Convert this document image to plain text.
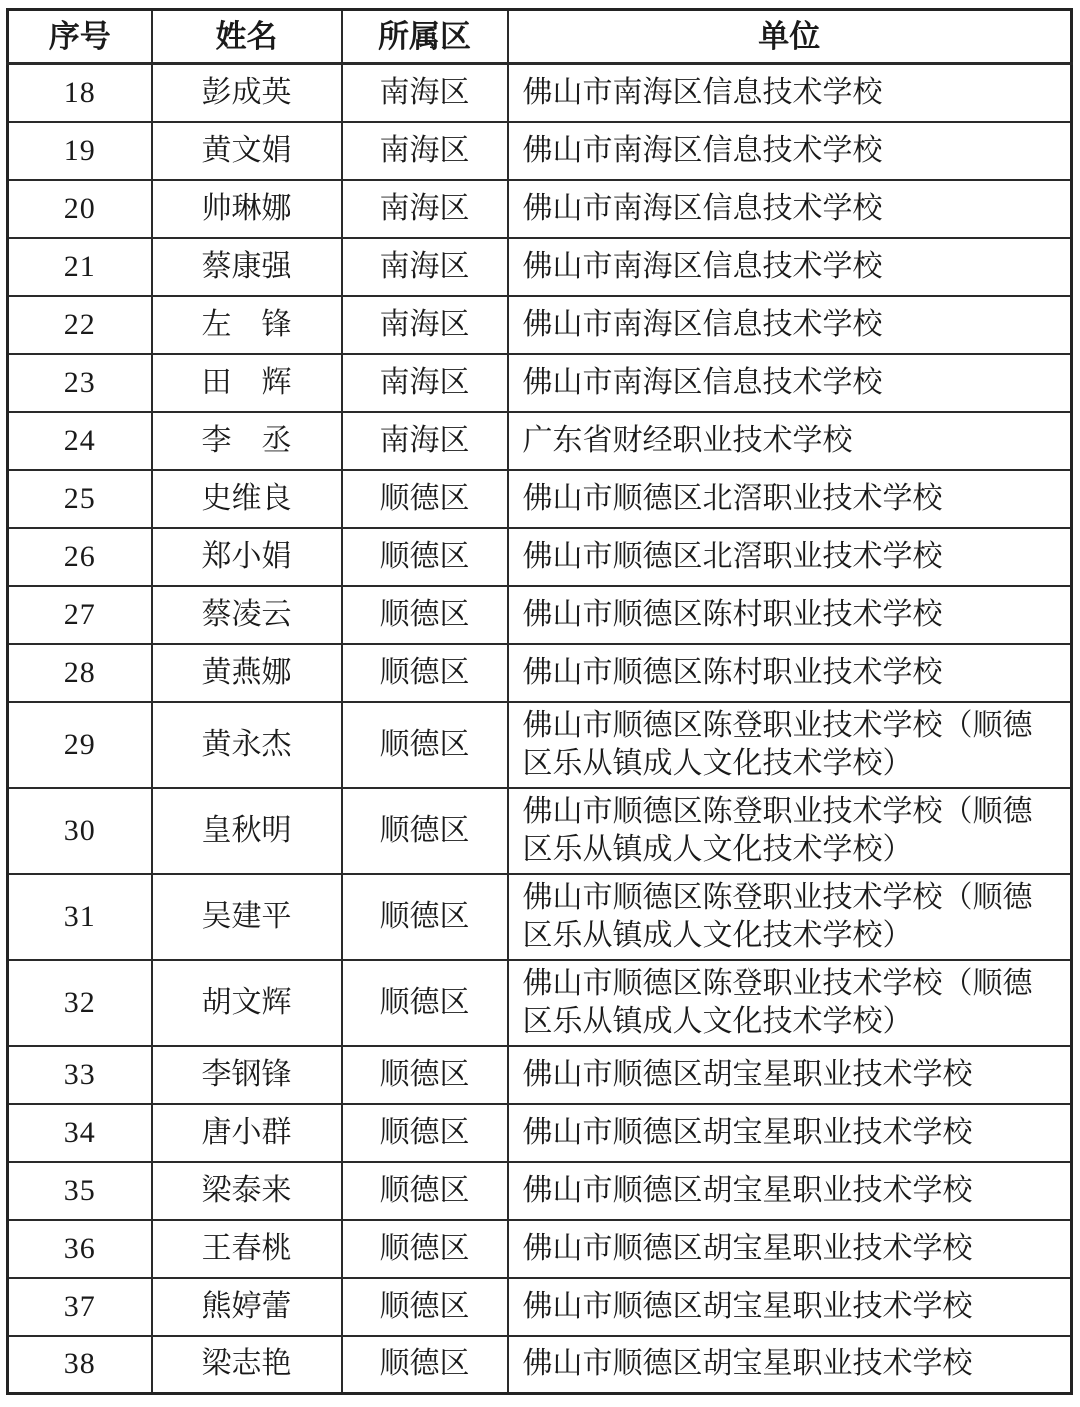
序号	姓名	所属区	单位
18	彭成英	南海区	佛山市南海区信息技术学校
19	黄文娟	南海区	佛山市南海区信息技术学校
20	帅琳娜	南海区	佛山市南海区信息技术学校
21	蔡康强	南海区	佛山市南海区信息技术学校
22	左　锋	南海区	佛山市南海区信息技术学校
23	田　辉	南海区	佛山市南海区信息技术学校
24	李　丞	南海区	广东省财经职业技术学校
25	史维良	顺德区	佛山市顺德区北滘职业技术学校
26	郑小娟	顺德区	佛山市顺德区北滘职业技术学校
27	蔡凌云	顺德区	佛山市顺德区陈村职业技术学校
28	黄燕娜	顺德区	佛山市顺德区陈村职业技术学校
29	黄永杰	顺德区	佛山市顺德区陈登职业技术学校（顺德区乐从镇成人文化技术学校）
30	皇秋明	顺德区	佛山市顺德区陈登职业技术学校（顺德区乐从镇成人文化技术学校）
31	吴建平	顺德区	佛山市顺德区陈登职业技术学校（顺德区乐从镇成人文化技术学校）
32	胡文辉	顺德区	佛山市顺德区陈登职业技术学校（顺德区乐从镇成人文化技术学校）
33	李钢锋	顺德区	佛山市顺德区胡宝星职业技术学校
34	唐小群	顺德区	佛山市顺德区胡宝星职业技术学校
35	梁泰来	顺德区	佛山市顺德区胡宝星职业技术学校
36	王春桃	顺德区	佛山市顺德区胡宝星职业技术学校
37	熊婷蕾	顺德区	佛山市顺德区胡宝星职业技术学校
38	梁志艳	顺德区	佛山市顺德区胡宝星职业技术学校
